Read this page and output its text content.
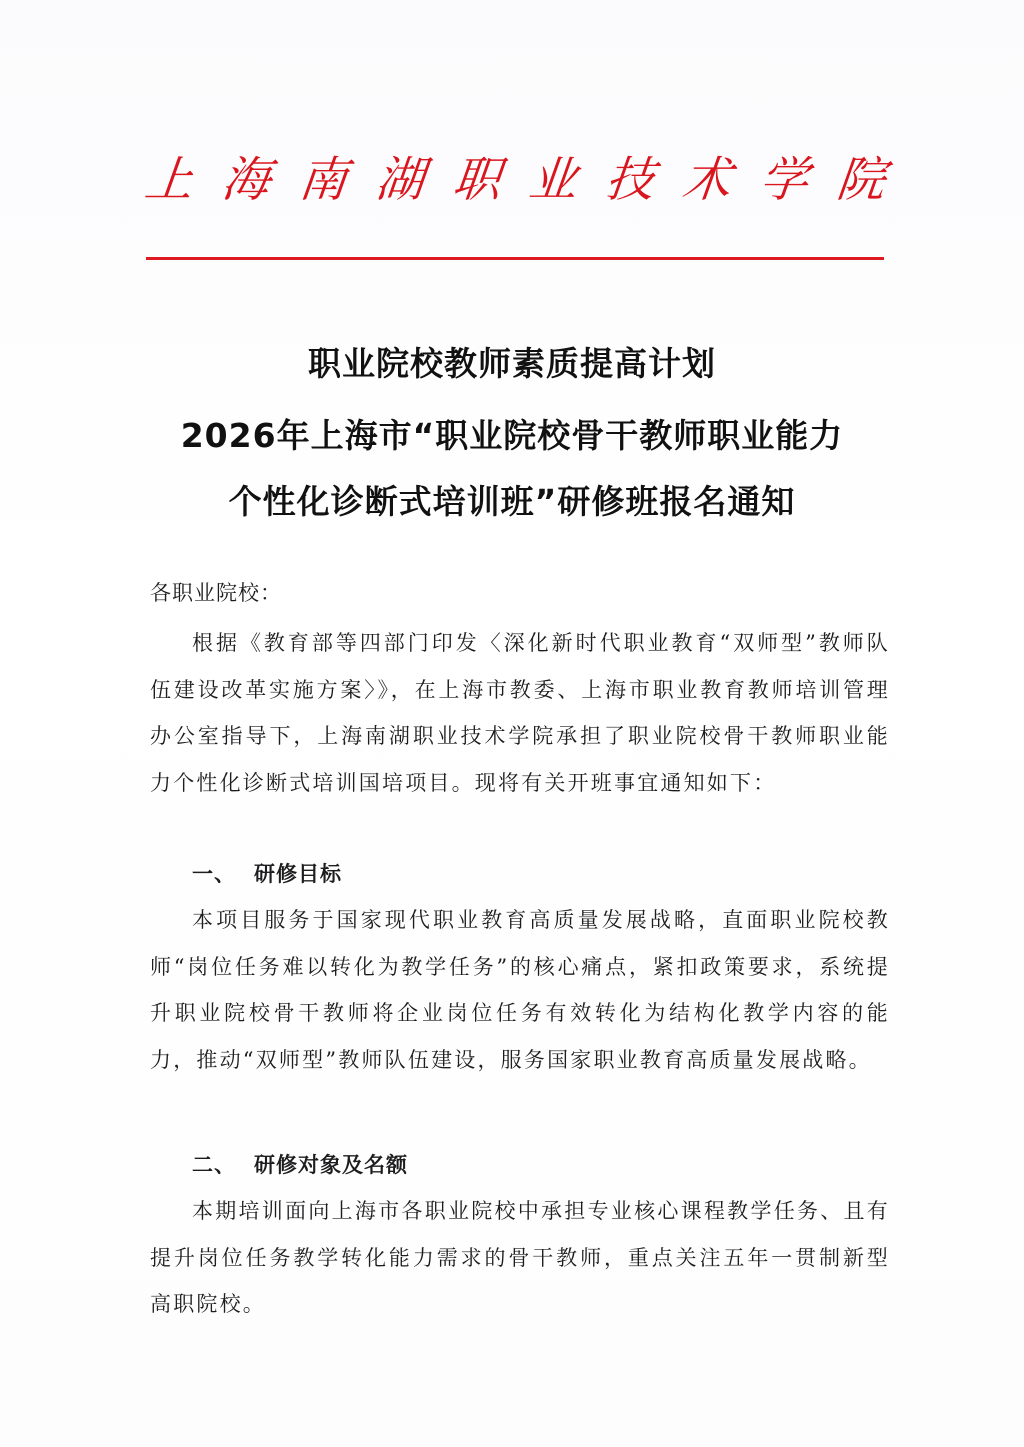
上 海 南 湖 职 业 技 术 学 院
职业院校教师素质提高计划
2026年上海市“职业院校骨干教师职业能力
个性化诊断式培训班”研修班报名通知
各职业院校：
根据《教育部等四部门印发〈深化新时代职业教育“双师型”教师队伍建设改革实施方案〉》，在上海市教委、上海市职业教育教师培训管理办公室指导下，上海南湖职业技术学院承担了职业院校骨干教师职业能力个性化诊断式培训国培项目。现将有关开班事宜通知如下：
一、 研修目标
本项目服务于国家现代职业教育高质量发展战略，直面职业院校教师“岗位任务难以转化为教学任务”的核心痛点，紧扣政策要求，系统提升职业院校骨干教师将企业岗位任务有效转化为结构化教学内容的能力，推动“双师型”教师队伍建设，服务国家职业教育高质量发展战略。
二、 研修对象及名额
本期培训面向上海市各职业院校中承担专业核心课程教学任务、且有提升岗位任务教学转化能力需求的骨干教师，重点关注五年一贯制新型高职院校。
